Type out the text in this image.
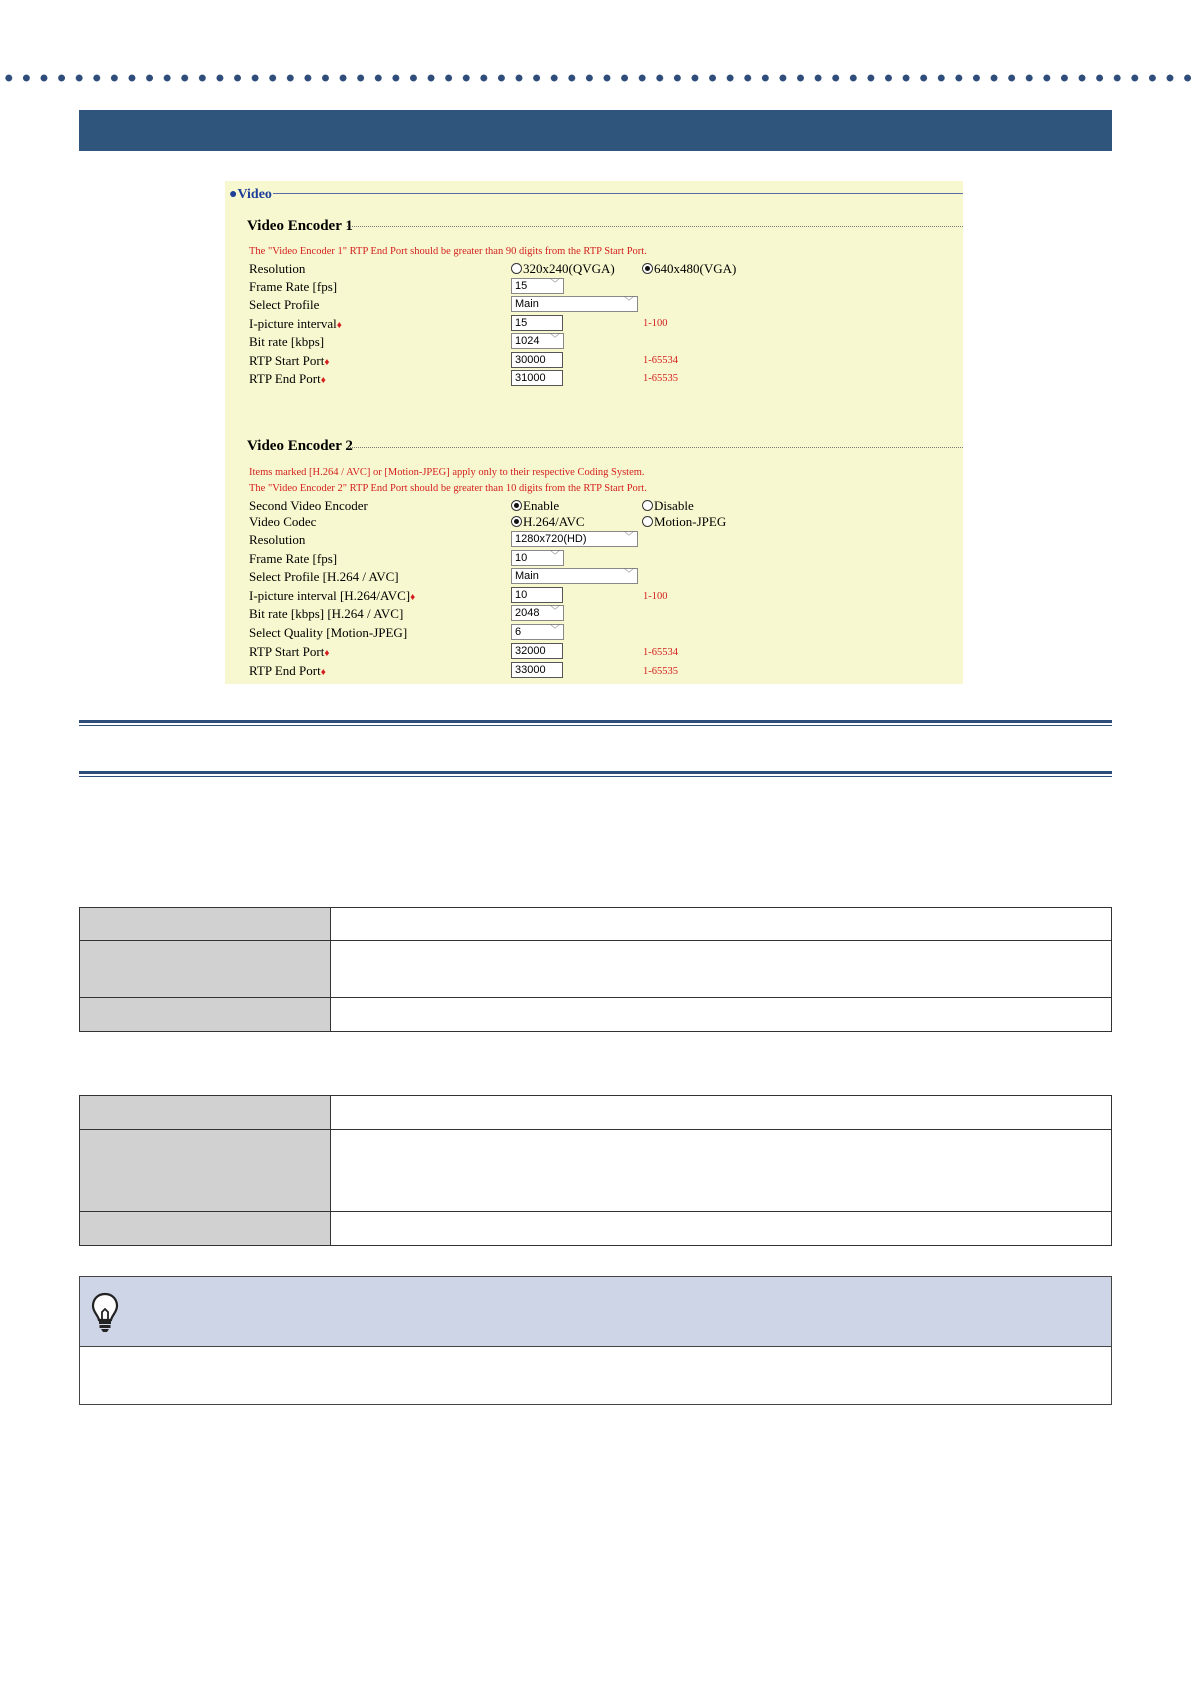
●Video
Video Encoder 1
The "Video Encoder 1" RTP End Port should be greater than 90 digits from the RTP Start Port.
Resolution	320x240(QVGA)	640x480(VGA)
Frame Rate [fps]	15 ﹀
Select Profile	Main	﹀
I-picture interval♦	15	1-100
Bit rate [kbps]	1024 ﹀
RTP Start Port♦	30000	1-65534
RTP End Port♦	31000	1-65535
Video Encoder 2
Items marked [H.264 / AVC] or [Motion-JPEG] apply only to their respective Coding System.
The "Video Encoder 2" RTP End Port should be greater than 10 digits from the RTP Start Port.
Second Video Encoder	Enable	Disable
Video Codec	H.264/AVC	Motion-JPEG
Resolution	1280x720(HD)	﹀
Frame Rate [fps]	10 ﹀
Select Profile [H.264 / AVC]	Main	﹀
I-picture interval [H.264/AVC]♦	10	1-100
Bit rate [kbps] [H.264 / AVC]	2048 ﹀
Select Quality [Motion-JPEG]	6	﹀
RTP Start Port♦	32000	1-65534
RTP End Port♦	33000	1-65535
